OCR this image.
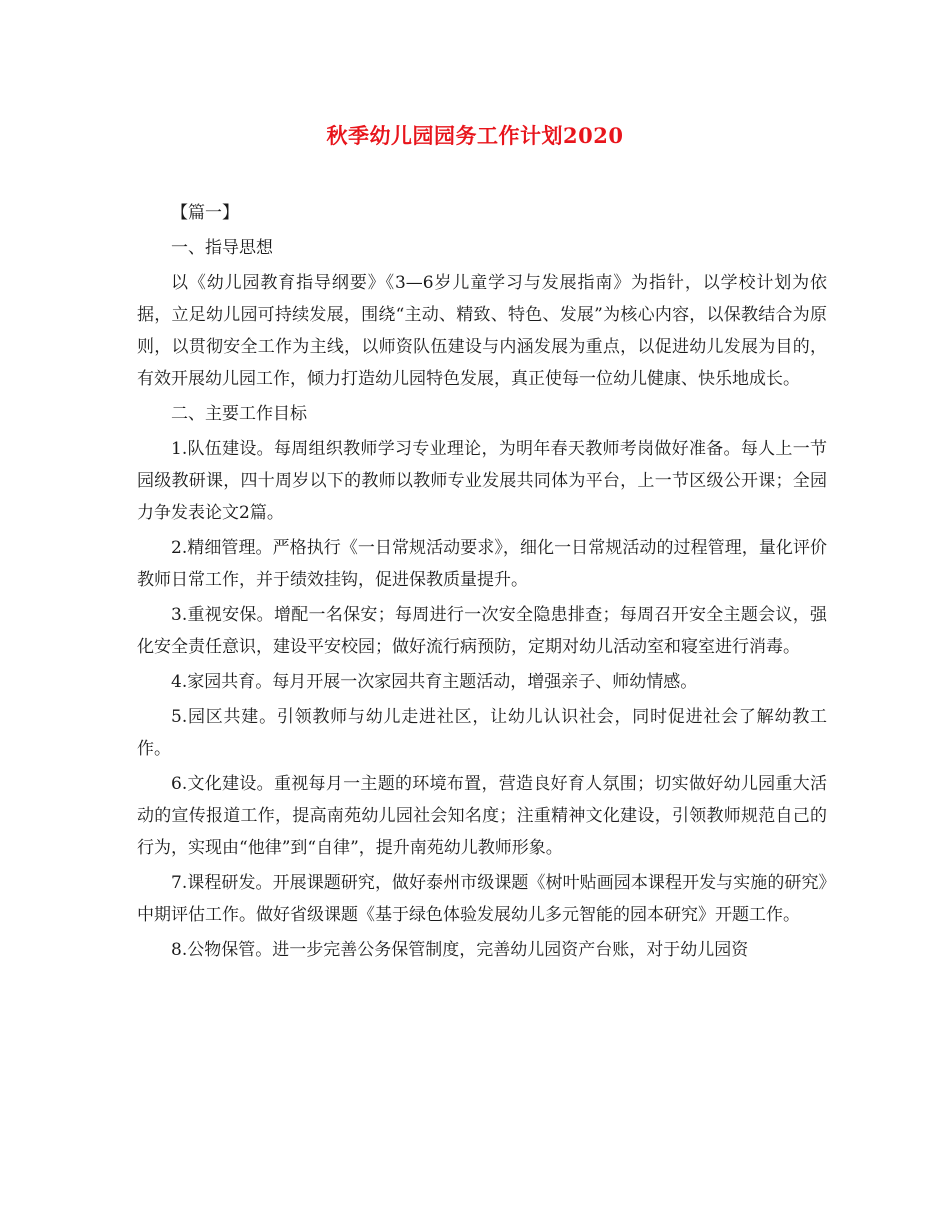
秋季幼儿园园务工作计划2020

【篇一】

一、指导思想

以《幼儿园教育指导纲要》《3—6岁儿童学习与发展指南》为指针，以学校计划为依据，立足幼儿园可持续发展，围绕“主动、精致、特色、发展”为核心内容，以保教结合为原则，以贯彻安全工作为主线，以师资队伍建设与内涵发展为重点，以促进幼儿发展为目的，有效开展幼儿园工作，倾力打造幼儿园特色发展，真正使每一位幼儿健康、快乐地成长。

二、主要工作目标

1.队伍建设。每周组织教师学习专业理论，为明年春天教师考岗做好准备。每人上一节园级教研课，四十周岁以下的教师以教师专业发展共同体为平台，上一节区级公开课；全园力争发表论文2篇。

2.精细管理。严格执行《一日常规活动要求》，细化一日常规活动的过程管理，量化评价教师日常工作，并于绩效挂钩，促进保教质量提升。

3.重视安保。增配一名保安；每周进行一次安全隐患排查；每周召开安全主题会议，强化安全责任意识，建设平安校园；做好流行病预防，定期对幼儿活动室和寝室进行消毒。

4.家园共育。每月开展一次家园共育主题活动，增强亲子、师幼情感。

5.园区共建。引领教师与幼儿走进社区，让幼儿认识社会，同时促进社会了解幼教工作。

6.文化建设。重视每月一主题的环境布置，营造良好育人氛围；切实做好幼儿园重大活动的宣传报道工作，提高南苑幼儿园社会知名度；注重精神文化建设，引领教师规范自己的行为，实现由“他律”到“自律”，提升南苑幼儿教师形象。

7.课程研发。开展课题研究，做好泰州市级课题《树叶贴画园本课程开发与实施的研究》中期评估工作。做好省级课题《基于绿色体验发展幼儿多元智能的园本研究》开题工作。

8.公物保管。进一步完善公务保管制度，完善幼儿园资产台账，对于幼儿园资
